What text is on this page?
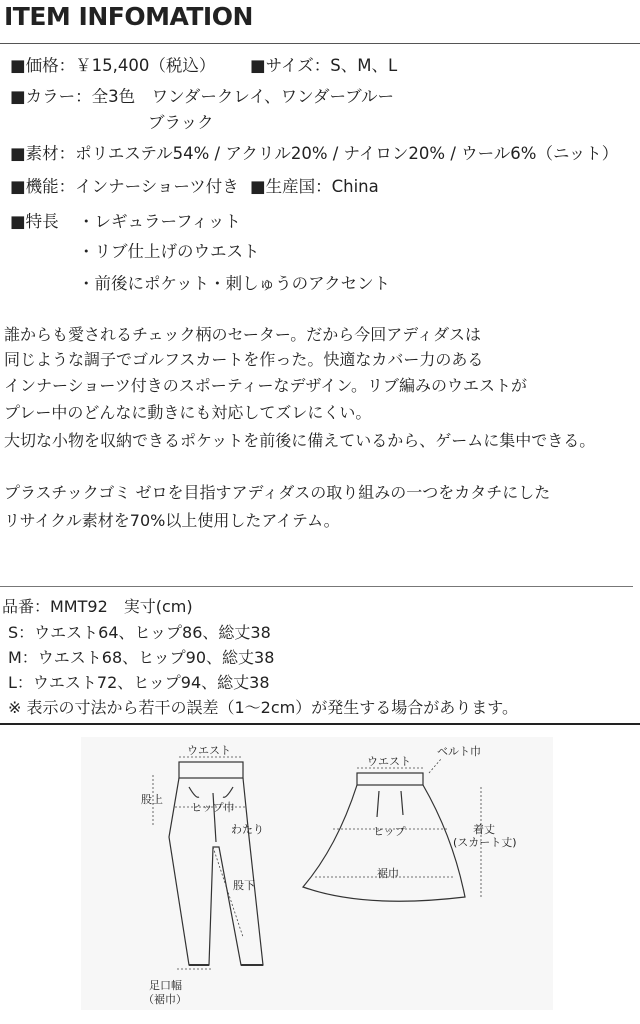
ITEM INFOMATION
■価格：￥15,400（税込） ■サイズ：S、M、L
■カラー：全3色　ワンダークレイ、ワンダーブルー
ブラック
■素材：ポリエステル54% / アクリル20% / ナイロン20% / ウール6%（ニット）
■機能：インナーショーツ付き ■生産国：China
■特長 ・レギュラーフィット
・リブ仕上げのウエスト
・前後にポケット・刺しゅうのアクセント
誰からも愛されるチェック柄のセーター。だから今回アディダスは
同じような調子でゴルフスカートを作った。快適なカバー力のある
インナーショーツ付きのスポーティーなデザイン。リブ編みのウエストが
プレー中のどんなに動きにも対応してズレにくい。
大切な小物を収納できるポケットを前後に備えているから、ゲームに集中できる。
プラスチックゴミ ゼロを目指すアディダスの取り組みの一つをカタチにした
リサイクル素材を70%以上使用したアイテム。
品番：MMT92　実寸(cm)
S：ウエスト64、ヒップ86、総丈38
M：ウエスト68、ヒップ90、総丈38
L：ウエスト72、ヒップ94、総丈38
※ 表示の寸法から若干の誤差（1〜2cm）が発生する場合があります。
ウエスト
股上
ヒップ巾
わたり
股下
足口幅
（裾巾）
ウエスト
ベルト巾
ヒップ
裾巾
着丈
(スカート丈)
